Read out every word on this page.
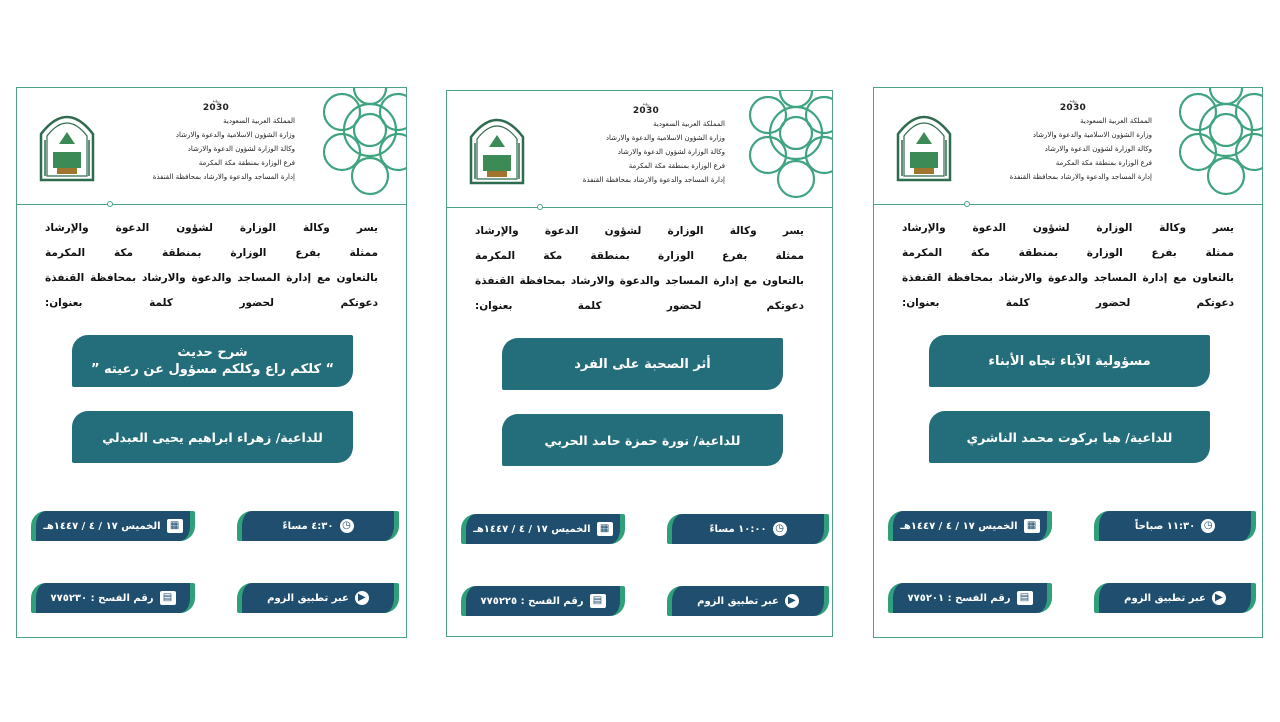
رؤية
2030
المملكة العربية السعودية
وزارة الشؤون الاسلامية والدعوة والارشاد
وكالة الوزارة لشؤون الدعوة والارشاد
فرع الوزارة بمنطقة مكة المكرمة
إدارة المساجد والدعوة والارشاد بمحافظة القنفذة
يسر وكالة الوزارة لشؤون الدعوة والإرشاد
ممثلة بفرع الوزارة بمنطقة مكة المكرمة
بالتعاون مع إدارة المساجد والدعوة والارشاد بمحافظة القنفذة
دعوتكم لحضور كلمة بعنوان:
شرح حديث
“ كلكم راع وكلكم مسؤول عن رعيته ”
للداعية/ زهراء ابراهيم يحيى العبدلي
▦
الخميس ١٧ / ٤ / ١٤٤٧هـ	◷
٤:٣٠ مساءً
▤
رقم الفسح : ٧٧٥٢٣٠	▶
عبر تطبيق الزوم
رؤية
2030
المملكة العربية السعودية
وزارة الشؤون الاسلامية والدعوة والارشاد
وكالة الوزارة لشؤون الدعوة والارشاد
فرع الوزارة بمنطقة مكة المكرمة
إدارة المساجد والدعوة والارشاد بمحافظة القنفذة
يسر وكالة الوزارة لشؤون الدعوة والإرشاد
ممثلة بفرع الوزارة بمنطقة مكة المكرمة
بالتعاون مع إدارة المساجد والدعوة والارشاد بمحافظة القنفذة
دعوتكم لحضور كلمة بعنوان:
أثر الصحبة على الفرد
للداعية/ نورة حمزة حامد الحربي
▦
الخميس ١٧ / ٤ / ١٤٤٧هـ	◷
١٠:٠٠ مساءً
▤
رقم الفسح : ٧٧٥٢٢٥	▶
عبر تطبيق الزوم
رؤية
2030
المملكة العربية السعودية
وزارة الشؤون الاسلامية والدعوة والارشاد
وكالة الوزارة لشؤون الدعوة والارشاد
فرع الوزارة بمنطقة مكة المكرمة
إدارة المساجد والدعوة والارشاد بمحافظة القنفذة
يسر وكالة الوزارة لشؤون الدعوة والإرشاد
ممثلة بفرع الوزارة بمنطقة مكة المكرمة
بالتعاون مع إدارة المساجد والدعوة والارشاد بمحافظة القنفذة
دعوتكم لحضور كلمة بعنوان:
مسؤولية الآباء تجاه الأبناء
للداعية/ هيا بركوت محمد الناشري
▦
الخميس ١٧ / ٤ / ١٤٤٧هـ	◷
١١:٣٠ صباحاً
▤
رقم الفسح : ٧٧٥٢٠١	▶
عبر تطبيق الزوم
